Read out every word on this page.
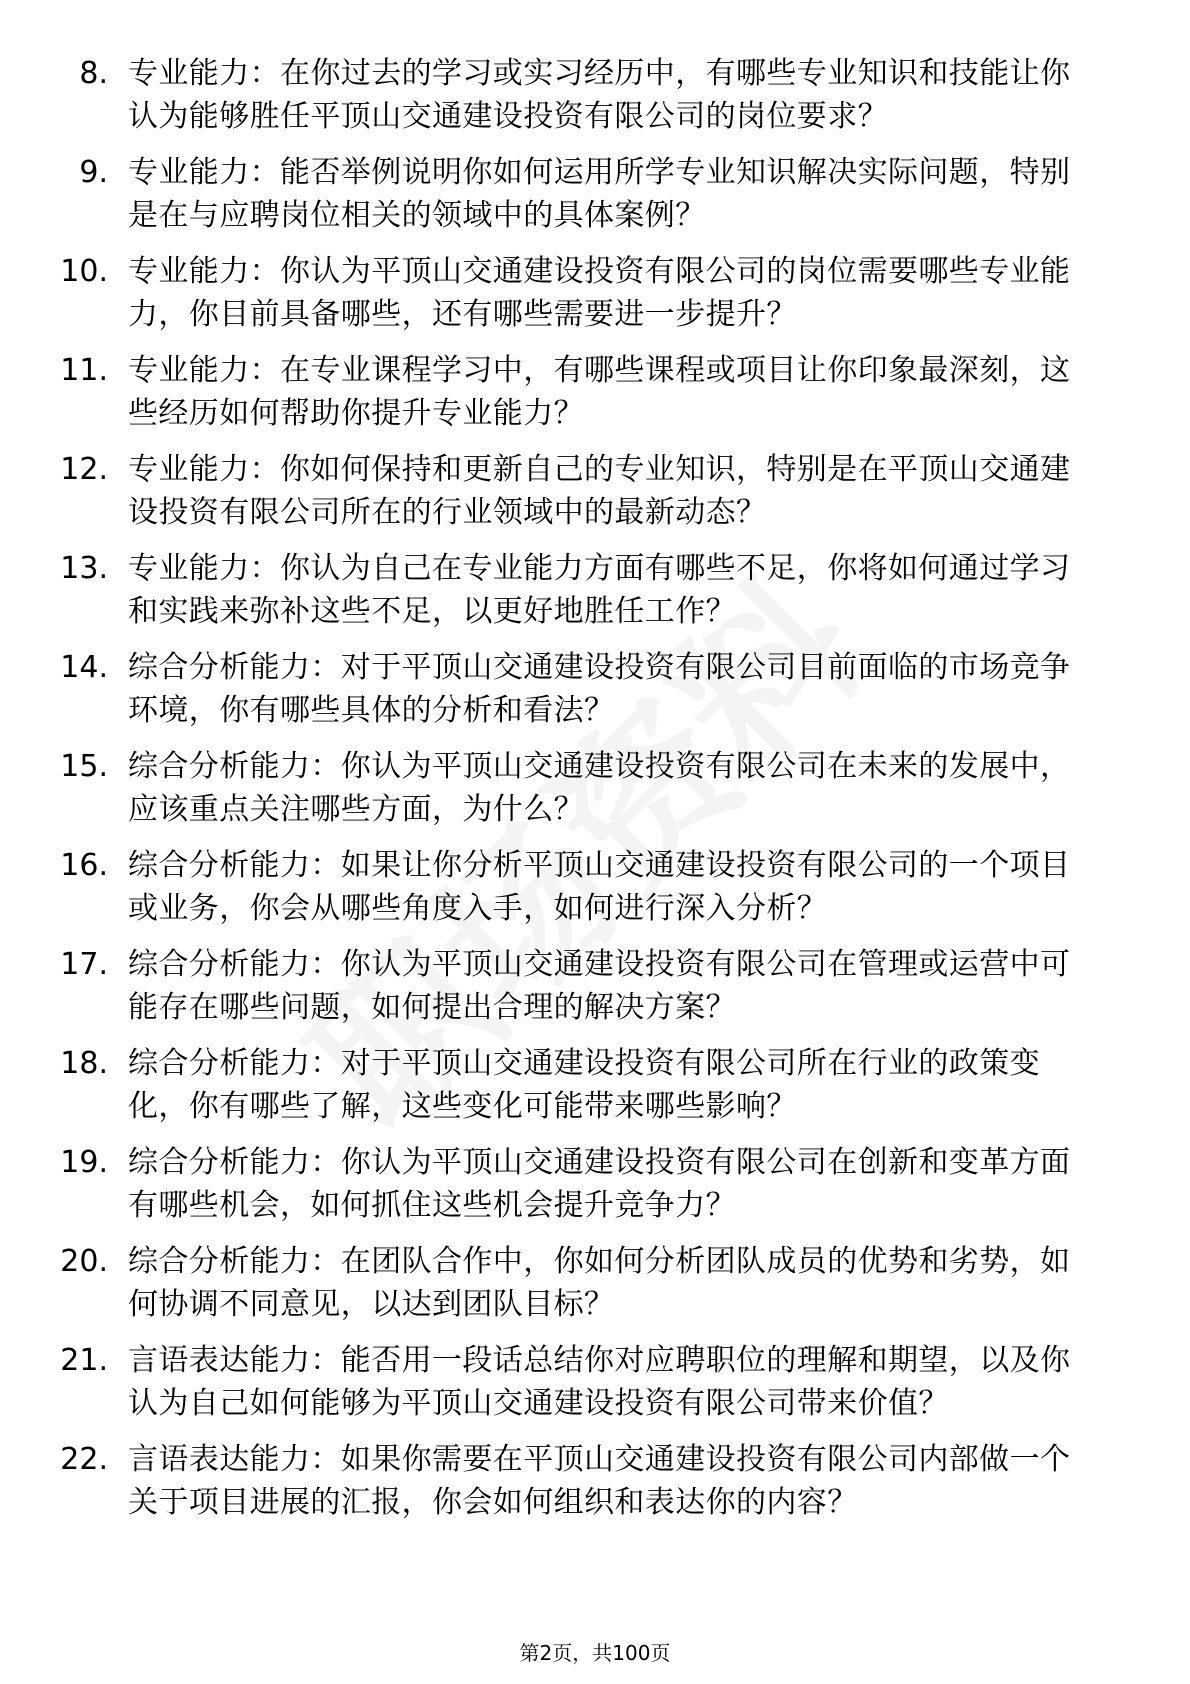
8. 专业能力：在你过去的学习或实习经历中，有哪些专业知识和技能让你认为能够胜任平顶山交通建设投资有限公司的岗位要求？
9. 专业能力：能否举例说明你如何运用所学专业知识解决实际问题，特别是在与应聘岗位相关的领域中的具体案例？
10. 专业能力：你认为平顶山交通建设投资有限公司的岗位需要哪些专业能力，你目前具备哪些，还有哪些需要进一步提升？
11. 专业能力：在专业课程学习中，有哪些课程或项目让你印象最深刻，这些经历如何帮助你提升专业能力？
12. 专业能力：你如何保持和更新自己的专业知识，特别是在平顶山交通建设投资有限公司所在的行业领域中的最新动态？
13. 专业能力：你认为自己在专业能力方面有哪些不足，你将如何通过学习和实践来弥补这些不足，以更好地胜任工作？
14. 综合分析能力：对于平顶山交通建设投资有限公司目前面临的市场竞争环境，你有哪些具体的分析和看法？
15. 综合分析能力：你认为平顶山交通建设投资有限公司在未来的发展中，应该重点关注哪些方面，为什么？
16. 综合分析能力：如果让你分析平顶山交通建设投资有限公司的一个项目或业务，你会从哪些角度入手，如何进行深入分析？
17. 综合分析能力：你认为平顶山交通建设投资有限公司在管理或运营中可能存在哪些问题，如何提出合理的解决方案？
18. 综合分析能力：对于平顶山交通建设投资有限公司所在行业的政策变化，你有哪些了解，这些变化可能带来哪些影响？
19. 综合分析能力：你认为平顶山交通建设投资有限公司在创新和变革方面有哪些机会，如何抓住这些机会提升竞争力？
20. 综合分析能力：在团队合作中，你如何分析团队成员的优势和劣势，如何协调不同意见，以达到团队目标？
21. 言语表达能力：能否用一段话总结你对应聘职位的理解和期望，以及你认为自己如何能够为平顶山交通建设投资有限公司带来价值？
22. 言语表达能力：如果你需要在平顶山交通建设投资有限公司内部做一个关于项目进展的汇报，你会如何组织和表达你的内容？
第2页，共100页
